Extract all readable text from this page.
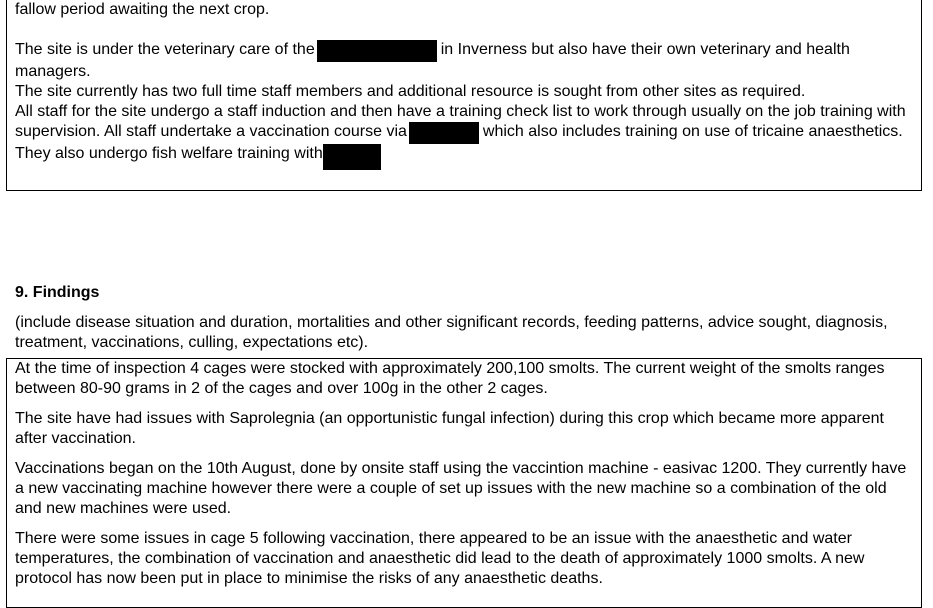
fallow period awaiting the next crop.

The site is under the veterinary care of the	in Inverness but also have their own veterinary and health managers.

The site currently has two full time staff members and additional resource is sought from other sites as required.

All staff for the site undergo a staff induction and then have a training check list to work through usually on the job training with supervision. All staff undertake a vaccination course via	which also includes training on use of tricaine anaesthetics. They also undergo fish welfare training with

9. Findings

(include disease situation and duration, mortalities and other significant records, feeding patterns, advice sought, diagnosis, treatment, vaccinations, culling, expectations etc).

At the time of inspection 4 cages were stocked with approximately 200,100 smolts. The current weight of the smolts ranges between 80-90 grams in 2 of the cages and over 100g in the other 2 cages.

The site have had issues with Saprolegnia (an opportunistic fungal infection) during this crop which became more apparent after vaccination.

Vaccinations began on the 10th August, done by onsite staff using the vaccintion machine - easivac 1200. They currently have a new vaccinating machine however there were a couple of set up issues with the new machine so a combination of the old and new machines were used.

There were some issues in cage 5 following vaccination, there appeared to be an issue with the anaesthetic and water temperatures, the combination of vaccination and anaesthetic did lead to the death of approximately 1000 smolts. A new protocol has now been put in place to minimise the risks of any anaesthetic deaths.
